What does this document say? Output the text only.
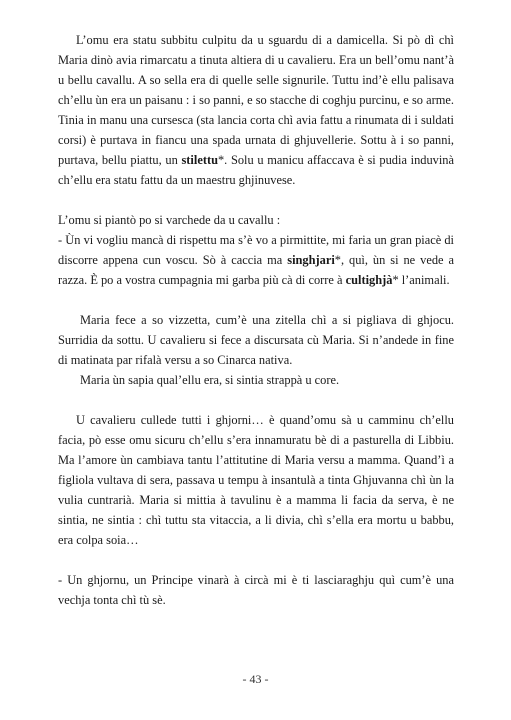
L’omu era statu subbitu culpitu da u sguardu di a damicella. Si pò dì chì Maria dinò avia rimarcatu a tinuta altiera di u cavalieru. Era un bell’omu nant’à u bellu cavallu. A so sella era di quelle selle signurile. Tuttu ind’è ellu palisava ch’ellu ùn era un paisanu : i so panni, e so stacche di coghju purcinu, e so arme. Tinia in manu una cursesca (sta lancia corta chì avia fattu a rinumata di i suldati corsi) è purtava in fiancu una spada urnata di ghjuvellerie. Sottu à i so panni, purtava, bellu piattu, un stilettu*. Solu u manicu affaccava è si pudia induvinà ch’ellu era statu fattu da un maestru ghjinuvese.

L’omu si piantò po si varchede da u cavallu :

- Ùn vi vogliu mancà di rispettu ma s’è vo a pirmittite, mi faria un gran piacè di discorre appena cun voscu. Sò à caccia ma singhjari*, quì, ùn si ne vede a razza. È po a vostra cumpagnia mi garba più cà di corre à cultighjà* l’animali.

Maria fece a so vizzetta, cum’è una zitella chì a si pigliava di ghjocu. Surridia da sottu. U cavalieru si fece a discursata cù Maria. Si n’andede in fine di matinata par rifalà versu a so Cinarca nativa.

Maria ùn sapia qual’ellu era, si sintia strappà u core.

U cavalieru cullede tutti i ghjorni… è quand’omu sà u camminu ch’ellu facia, pò esse omu sicuru ch’ellu s’era innamuratu bè di a pasturella di Libbiu. Ma l’amore ùn cambiava tantu l’attitutine di Maria versu a mamma. Quand’ì a figliola vultava di sera, passava u tempu à insantulà a tinta Ghjuvanna chì ùn la vulia cuntrarià. Maria si mittia à tavulinu è a mamma li facia da serva, è ne sintia, ne sintia : chì tuttu sta vitaccia, a li divia, chì s’ella era mortu u babbu, era colpa soia…

- Un ghjornu, un Principe vinarà à circà mi è ti lasciaraghju quì cum’è una vechja tonta chì tù sè.

- 43 -
